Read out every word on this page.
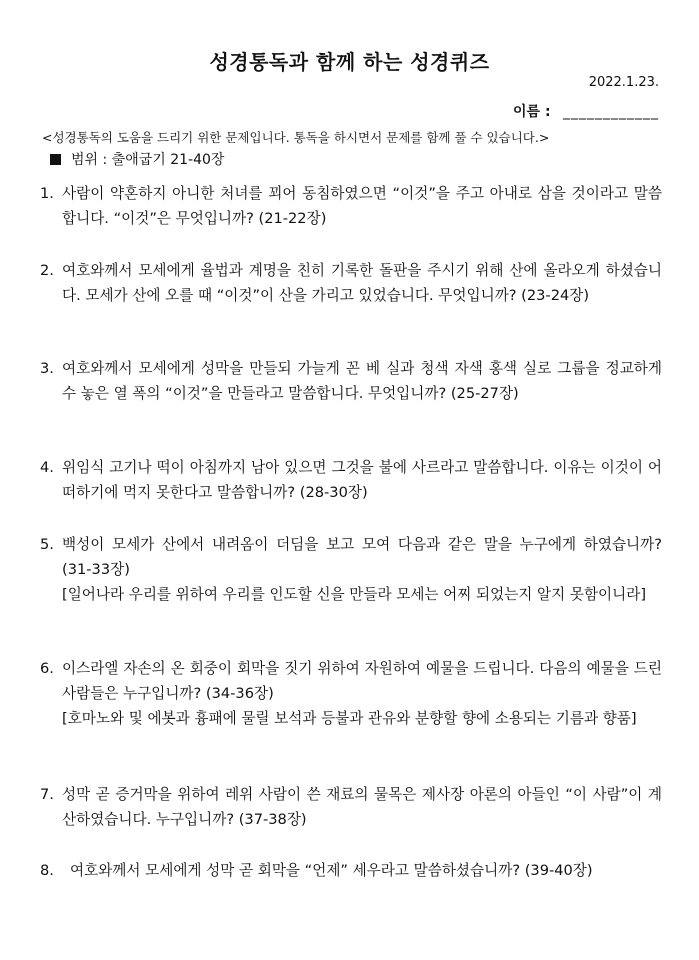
성경통독과 함께 하는 성경퀴즈
2022.1.23.
이름 : ____________
<성경통독의 도움을 드리기 위한 문제입니다. 통독을 하시면서 문제를 함께 풀 수 있습니다.>
범위 : 출애굽기 21-40장
1. 사람이 약혼하지 아니한 처녀를 꾀어 동침하였으면 “이것”을 주고 아내로 삼을 것이라고 말씀합니다. “이것”은 무엇입니까? (21-22장)
2. 여호와께서 모세에게 율법과 계명을 친히 기록한 돌판을 주시기 위해 산에 올라오게 하셨습니다. 모세가 산에 오를 때 “이것”이 산을 가리고 있었습니다. 무엇입니까? (23-24장)
3. 여호와께서 모세에게 성막을 만들되 가늘게 꼰 베 실과 청색 자색 홍색 실로 그룹을 정교하게 수 놓은 열 폭의 “이것”을 만들라고 말씀합니다. 무엇입니까? (25-27장)
4. 위임식 고기나 떡이 아침까지 남아 있으면 그것을 불에 사르라고 말씀합니다. 이유는 이것이 어떠하기에 먹지 못한다고 말씀합니까? (28-30장)
5. 백성이 모세가 산에서 내려옴이 더딤을 보고 모여 다음과 같은 말을 누구에게 하였습니까? (31-33장)
[일어나라 우리를 위하여 우리를 인도할 신을 만들라 모세는 어찌 되었는지 알지 못함이니라]
6. 이스라엘 자손의 온 회중이 회막을 짓기 위하여 자원하여 예물을 드립니다. 다음의 예물을 드린 사람들은 누구입니까? (34-36장)
[호마노와 및 에봇과 흉패에 물릴 보석과 등불과 관유와 분향할 향에 소용되는 기름과 향품]
7. 성막 곧 증거막을 위하여 레위 사람이 쓴 재료의 물목은 제사장 아론의 아들인 “이 사람”이 계산하였습니다. 누구입니까? (37-38장)
8. 여호와께서 모세에게 성막 곧 회막을 “언제” 세우라고 말씀하셨습니까? (39-40장)
